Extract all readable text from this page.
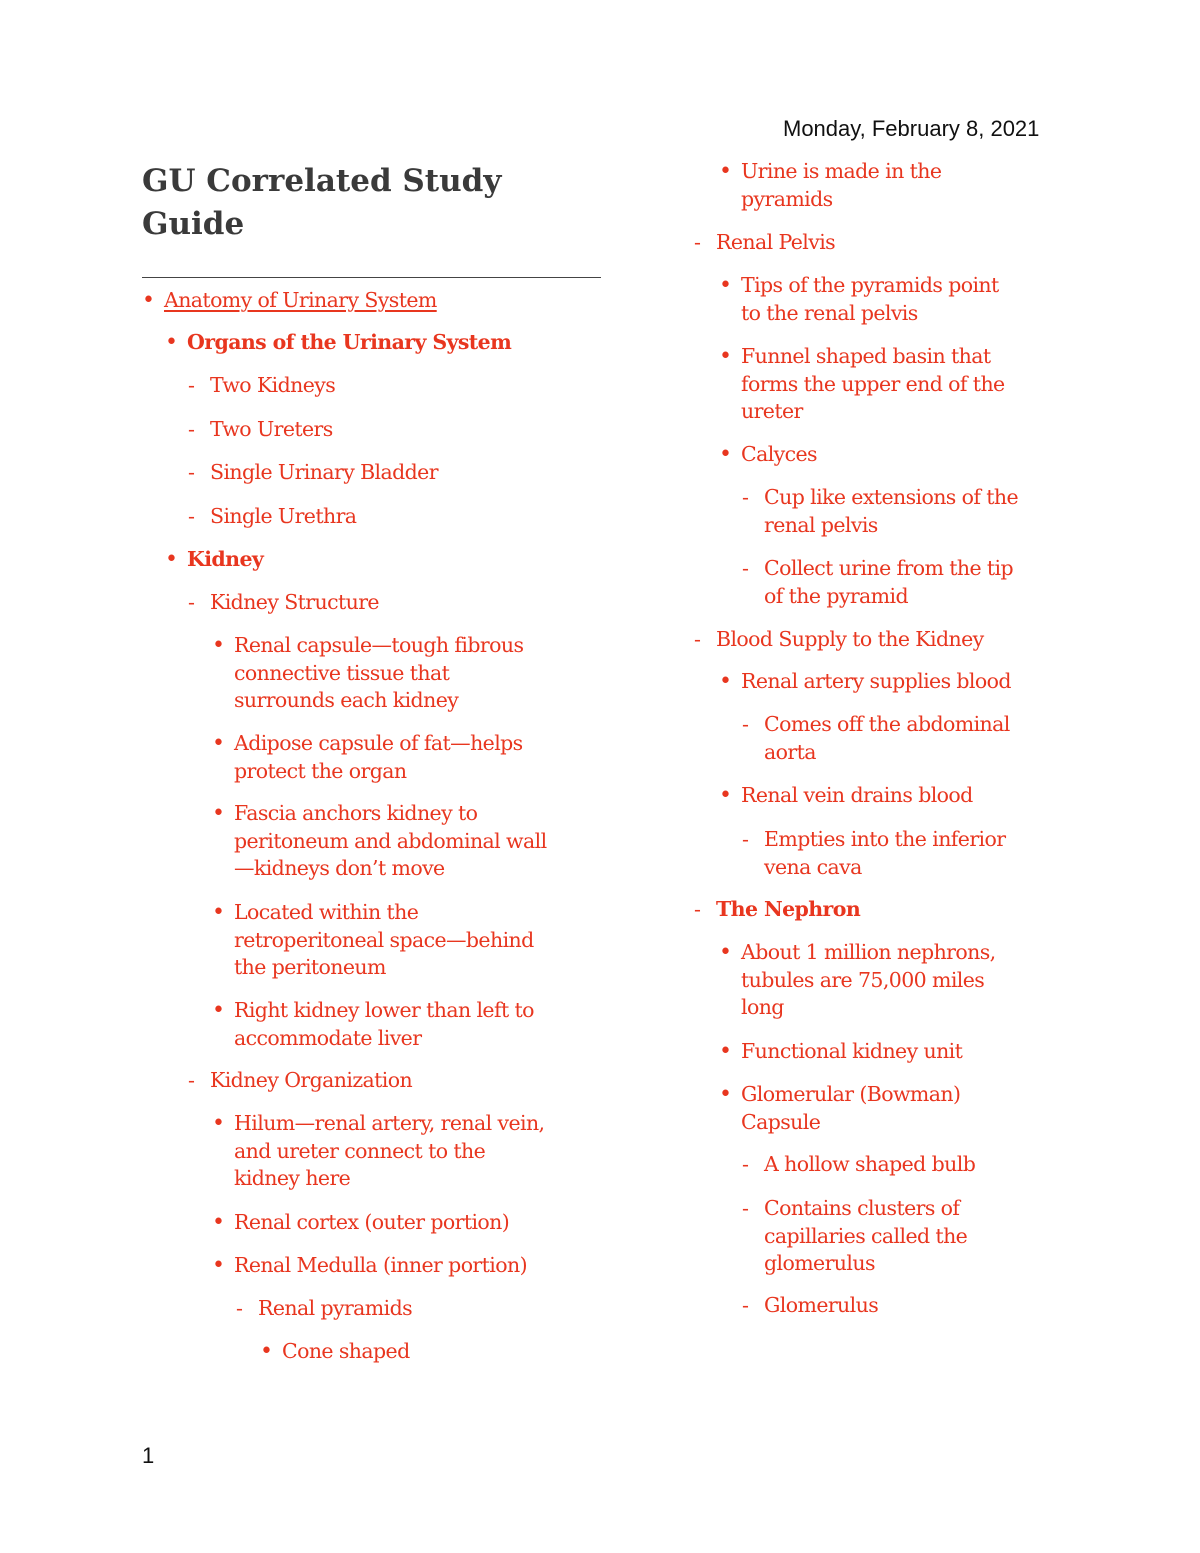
Monday, February 8, 2021
GU Correlated Study Guide
• Anatomy of Urinary System
• Organs of the Urinary System
- Two Kidneys
- Two Ureters
- Single Urinary Bladder
- Single Urethra
• Kidney
- Kidney Structure
• Renal capsule—tough fibrous
connective tissue that
surrounds each kidney
• Adipose capsule of fat—helps
protect the organ
• Fascia anchors kidney to
peritoneum and abdominal wall
—kidneys don’t move
• Located within the
retroperitoneal space—behind
the peritoneum
• Right kidney lower than left to
accommodate liver
- Kidney Organization
• Hilum—renal artery, renal vein,
and ureter connect to the
kidney here
• Renal cortex (outer portion)
• Renal Medulla (inner portion)
- Renal pyramids
• Cone shaped
• Urine is made in the
pyramids
- Renal Pelvis
• Tips of the pyramids point
to the renal pelvis
• Funnel shaped basin that
forms the upper end of the
ureter
• Calyces
- Cup like extensions of the
renal pelvis
- Collect urine from the tip
of the pyramid
- Blood Supply to the Kidney
• Renal artery supplies blood
- Comes off the abdominal
aorta
• Renal vein drains blood
- Empties into the inferior
vena cava
- The Nephron
• About 1 million nephrons,
tubules are 75,000 miles
long
• Functional kidney unit
• Glomerular (Bowman)
Capsule
- A hollow shaped bulb
- Contains clusters of
capillaries called the
glomerulus
- Glomerulus
1
